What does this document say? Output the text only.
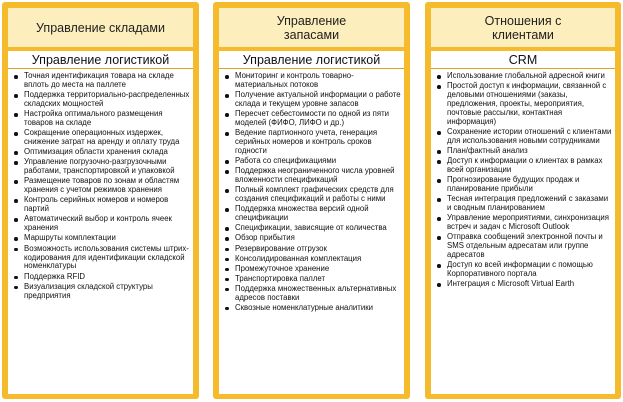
Управление складами
Управление логистикой
Точная идентификация товара на складе вплоть до места на паллете
Поддержка территориально-распределенных складских мощностей
Настройка оптимального размещения товаров на складе
Сокращение операционных издержек, снижение затрат на аренду и оплату труда
Оптимизация области хранения склада
Управление погрузочно-разгрузочными работами, транспортировкой и упаковкой
Размещение товаров по зонам и областям хранения с учетом режимов хранения
Контроль серийных номеров и номеров партий
Автоматический выбор и контроль ячеек хранения
Маршруты комплектации
Возможность использования системы штрих-кодирования для идентификации складской номенклатуры
Поддержка RFID
Визуализация складской структуры предприятия
Управление запасами
Управление логистикой
Мониторинг и контроль товарно-материальных потоков
Получение актуальной информации о работе склада и текущем уровне запасов
Пересчет себестоимости по одной из пяти моделей (ФИФО, ЛИФО и др.)
Ведение партионного учета, генерация серийных номеров и контроль сроков годности
Работа со спецификациями
Поддержка неограниченного числа уровней вложенности спецификаций
Полный комплект графических средств для создания спецификаций и работы с ними
Поддержка множества версий одной спецификации
Спецификации, зависящие от количества
Обзор прибытия
Резервирование отгрузок
Консолидированная комплектация
Промежуточное хранение
Транспортировка паллет
Поддержка множественных альтернативных адресов поставки
Сквозные номенклатурные аналитики
Отношения с клиентами
CRM
Использование глобальной адресной книги
Простой доступ к информации, связанной с деловыми отношениями (заказы, предложения, проекты, мероприятия, почтовые рассылки, контактная информация)
Сохранение истории отношений с клиентами для использования новыми сотрудниками
План/фактный анализ
Доступ к информации о клиентах в рамках всей организации
Прогнозирование будущих продаж и планирование прибыли
Тесная интеграция предложений с заказами и сводным планированием
Управление мероприятиями, синхронизация встреч и задач с Microsoft Outlook
Отправка сообщений электронной почты и SMS отдельным адресатам или группе адресатов
Доступ ко всей информации с помощью Корпоративного портала
Интеграция с Microsoft Virtual Earth
